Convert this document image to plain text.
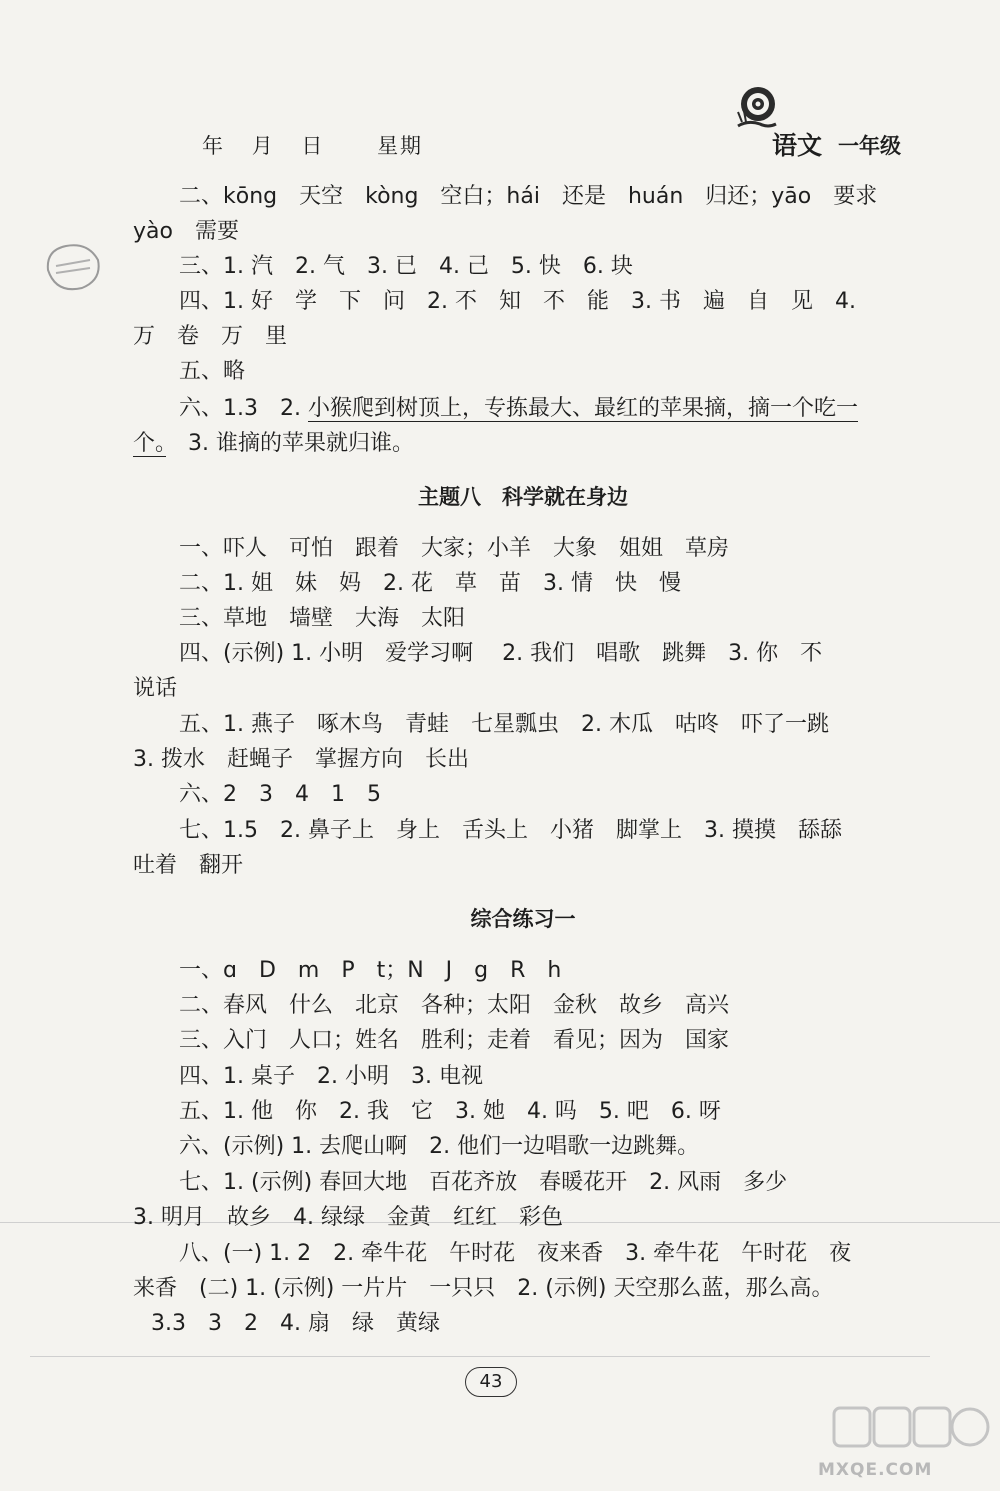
年 月 日	星期	语文 一年级
二、kōng　天空　kòng　空白；hái　还是　huán　归还；yāo　要求
yào　需要
三、1. 汽　2. 气　3. 已　4. 己　5. 快　6. 块
四、1. 好　学　下　问　2. 不　知　不　能　3. 书　遍　自　见　4.
万　卷　万　里
五、略
六、1.3　2. 小猴爬到树顶上，专拣最大、最红的苹果摘，摘一个吃一
个。　3. 谁摘的苹果就归谁。
主题八　科学就在身边
一、吓人　可怕　跟着　大家；小羊　大象　姐姐　草房
二、1. 姐　妹　妈　2. 花　草　苗　3. 情　快　慢
三、草地　墙壁　大海　太阳
四、(示例) 1. 小明　爱学习啊　 2. 我们　唱歌　跳舞　3. 你　不
说话
五、1. 燕子　啄木鸟　青蛙　七星瓢虫　2. 木瓜　咕咚　吓了一跳
3. 拨水　赶蝇子　掌握方向　长出
六、2　3　4　1　5
七、1.5　2. 鼻子上　身上　舌头上　小猪　脚掌上　3. 摸摸　舔舔
吐着　翻开
综合练习一
一、ɑ　D　m　P　t；N　J　g　R　h
二、春风　什么　北京　各种；太阳　金秋　故乡　高兴
三、入门　人口；姓名　胜利；走着　看见；因为　国家
四、1. 桌子　2. 小明　3. 电视
五、1. 他　你　2. 我　它　3. 她　4. 吗　5. 吧　6. 呀
六、(示例) 1. 去爬山啊　2. 他们一边唱歌一边跳舞。
七、1. (示例) 春回大地　百花齐放　春暖花开　2. 风雨　多少
3. 明月　故乡　4. 绿绿　金黄　红红　彩色
八、(一) 1. 2　2. 牵牛花　午时花　夜来香　3. 牵牛花　午时花　夜
来香　(二) 1. (示例) 一片片　一只只　2. (示例) 天空那么蓝，那么高。
3.3　3　2　4. 扇　绿　黄绿
43
MXQE.COM
